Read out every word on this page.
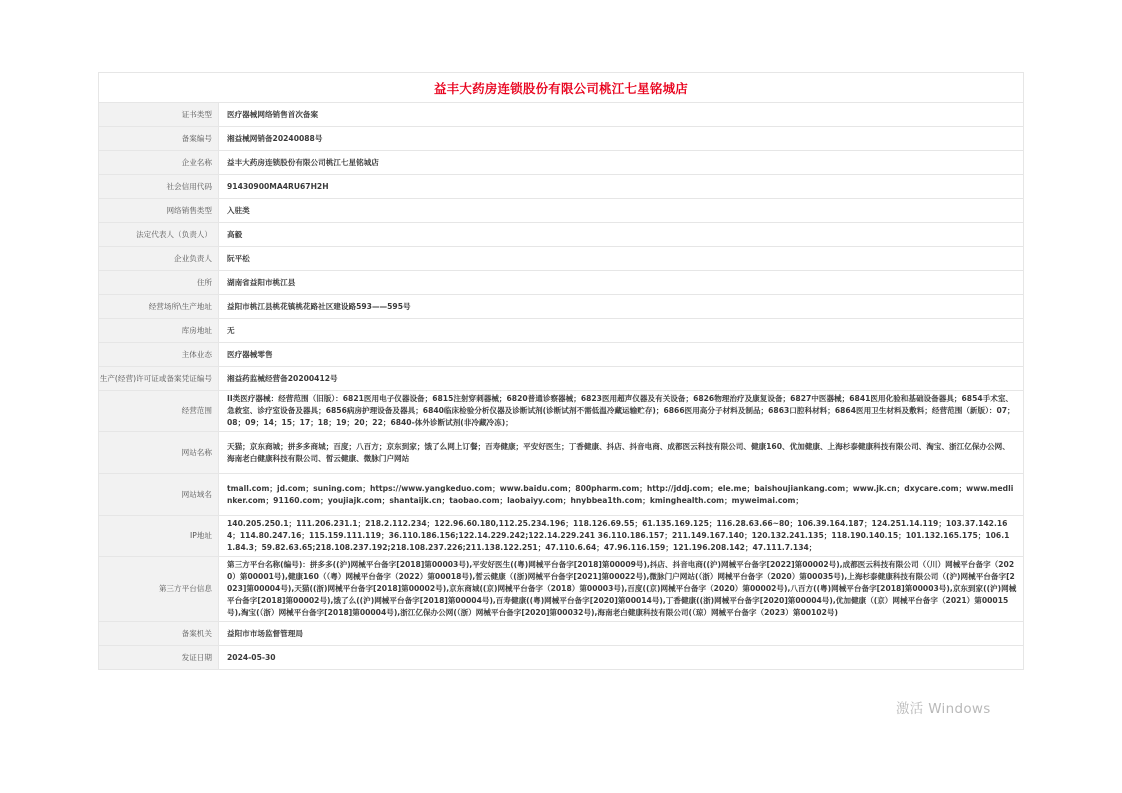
益丰大药房连锁股份有限公司桃江七星铭城店
证书类型	医疗器械网络销售首次备案
备案编号	湘益械网销备20240088号
企业名称	益丰大药房连锁股份有限公司桃江七星铭城店
社会信用代码	91430900MA4RU67H2H
网络销售类型	入驻类
法定代表人（负责人）	高毅
企业负责人	阮平松
住所	湖南省益阳市桃江县
经营场所\生产地址	益阳市桃江县桃花镇桃花路社区建设路593——595号
库房地址	无
主体业态	医疗器械零售
生产(经营)许可证或备案凭证编号	湘益药监械经营备20200412号
经营范围	II类医疗器械：经营范围（旧版）：6821医用电子仪器设备；6815注射穿刺器械；6820普通诊察器械；6823医用超声仪器及有关设备；6826物理治疗及康复设备；6827中医器械；6841医用化验和基础设备器具；6854手术室、急救室、诊疗室设备及器具；6856病房护理设备及器具；6840临床检验分析仪器及诊断试剂(诊断试剂不需低温冷藏运输贮存)；6866医用高分子材料及制品；6863口腔科材料；6864医用卫生材料及敷料；经营范围（新版）：07；08；09；14；15；17；18；19；20；22；6840-体外诊断试剂(非冷藏冷冻)；
网站名称	天猫；京东商城；拼多多商城；百度；八百方；京东到家；饿了么网上订餐；百寿健康；平安好医生；丁香健康、抖店、抖音电商、成都医云科技有限公司、健康160、优加健康、上海杉泰健康科技有限公司、淘宝、浙江亿保办公网、海南老白健康科技有限公司、皙云健康、微脉门户网站
网站域名	tmall.com；jd.com；suning.com；https://www.yangkeduo.com；www.baidu.com；800pharm.com；http://jddj.com；ele.me；baishoujiankang.com；www.jk.cn；dxycare.com；www.medlinker.com；91160.com；youjiajk.com；shantaijk.cn；taobao.com；laobaiyy.com；hnybbea1th.com；kminghealth.com；myweimai.com；
IP地址	140.205.250.1；111.206.231.1；218.2.112.234；122.96.60.180,112.25.234.196；118.126.69.55；61.135.169.125；116.28.63.66~80；106.39.164.187；124.251.14.119；103.37.142.164；114.80.247.16；115.159.111.119；36.110.186.156;122.14.229.242;122.14.229.241 36.110.186.157；211.149.167.140；120.132.241.135；118.190.140.15；101.132.165.175；106.11.84.3；59.82.63.65;218.108.237.192;218.108.237.226;211.138.122.251；47.110.6.64；47.96.116.159；121.196.208.142；47.111.7.134；
第三方平台信息	第三方平台名称(编号)：拼多多((沪)网械平台备字[2018]第00003号),平安好医生((粤)网械平台备字[2018]第00009号),抖店、抖音电商((沪)网械平台备字[2022]第00002号),成都医云科技有限公司（（川）网械平台备字（2020）第00001号),健康160（（粤）网械平台备字（2022）第00018号),皙云健康（(浙)网械平台备字[2021]第00022号),微脉门户网站(（浙）网械平台备字（2020）第00035号),上海杉泰健康科技有限公司（(沪)网械平台备字[2023]第00004号),天猫((浙)网械平台备字[2018]第00002号),京东商城((京)网械平台备字（2018）第00003号),百度((京)网械平台备字（2020）第00002号),八百方((粤)网械平台备字[2018]第00003号),京东到家((沪)网械平台备字[2018]第00002号),饿了么((沪)网械平台备字[2018]第00004号),百寿健康((粤)网械平台备字[2020]第00014号),丁香健康((浙)网械平台备字[2020]第00004号),优加健康（(京）网械平台备字（2021）第00015号),淘宝(（浙）网械平台备字[2018]第00004号),浙江亿保办公网(（浙）网械平台备字[2020]第00032号),海南老白健康科技有限公司(（琼）网械平台备字（2023）第00102号)
备案机关	益阳市市场监督管理局
发证日期	2024-05-30
激活 Windows
